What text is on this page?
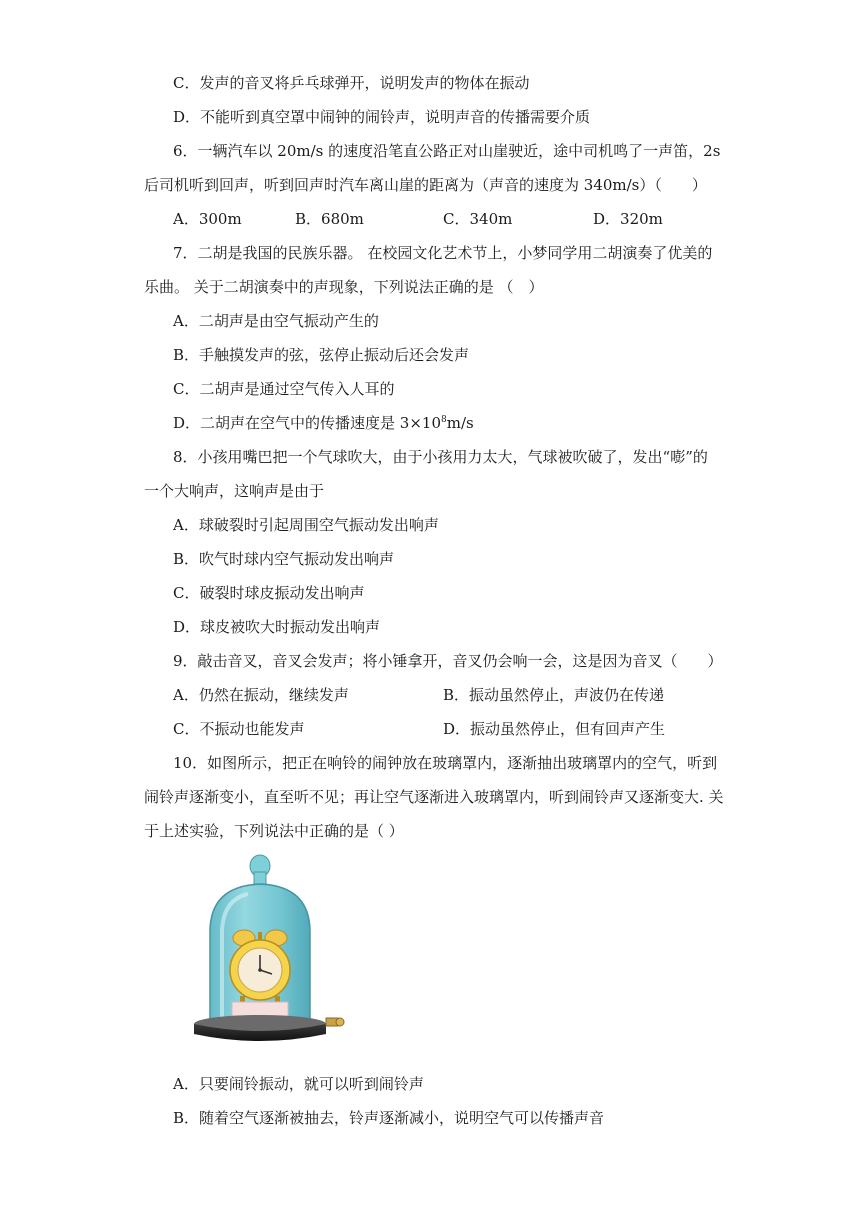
C．发声的音叉将乒乓球弹开，说明发声的物体在振动
D．不能听到真空罩中闹钟的闹铃声，说明声音的传播需要介质
6．一辆汽车以 20m/s 的速度沿笔直公路正对山崖驶近，途中司机鸣了一声笛，2s
后司机听到回声，听到回声时汽车离山崖的距离为（声音的速度为 340m/s）（　　）
A．300m	B．680m	C．340m	D．320m
7．二胡是我国的民族乐器。 在校园文化艺术节上，小梦同学用二胡演奏了优美的
乐曲。 关于二胡演奏中的声现象，下列说法正确的是 （　）
A．二胡声是由空气振动产生的
B．手触摸发声的弦，弦停止振动后还会发声
C．二胡声是通过空气传入人耳的
D．二胡声在空气中的传播速度是 $3\times 10^8m/s$
8．小孩用嘴巴把一个气球吹大，由于小孩用力太大，气球被吹破了，发出“嘭”的
一个大响声，这响声是由于
A．球破裂时引起周围空气振动发出响声
B．吹气时球内空气振动发出响声
C．破裂时球皮振动发出响声
D．球皮被吹大时振动发出响声
9．敲击音叉，音叉会发声；将小锤拿开，音叉仍会响一会，这是因为音叉（　　）
A．仍然在振动，继续发声	B．振动虽然停止，声波仍在传递
C．不振动也能发声	D．振动虽然停止，但有回声产生
10．如图所示，把正在响铃的闹钟放在玻璃罩内，逐渐抽出玻璃罩内的空气，听到
闹铃声逐渐变小，直至听不见；再让空气逐渐进入玻璃罩内，听到闹铃声又逐渐变大. 关
于上述实验，下列说法中正确的是（ ）
A．只要闹铃振动，就可以听到闹铃声
B．随着空气逐渐被抽去，铃声逐渐减小，说明空气可以传播声音
